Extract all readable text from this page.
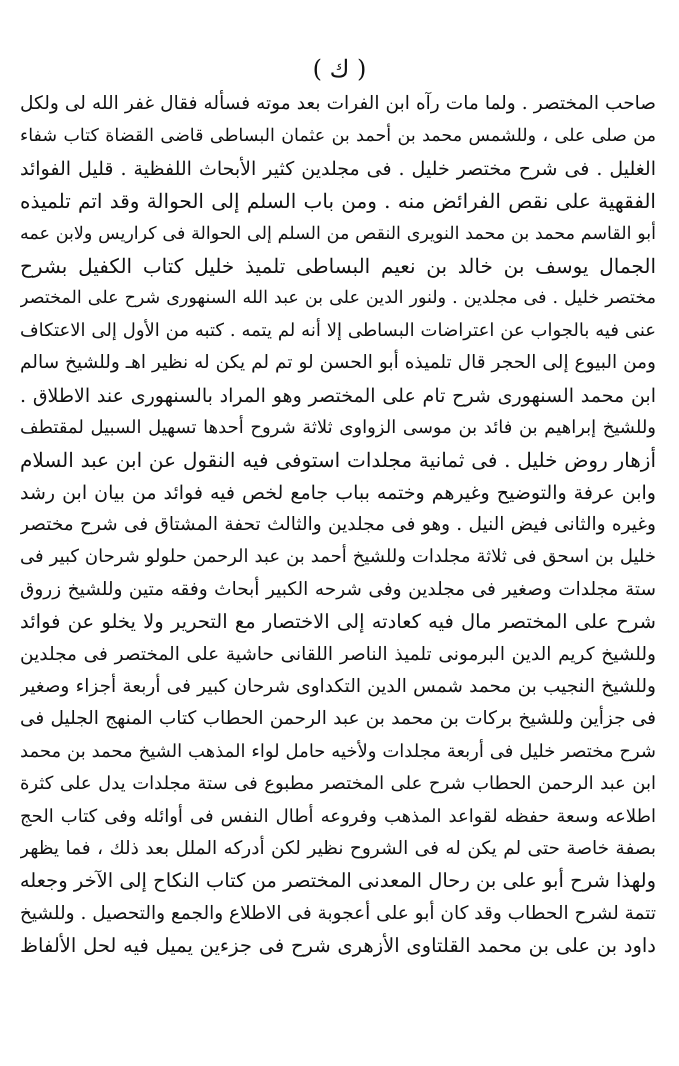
( ك )
صاحب المختصر . ولما مات رآه ابن الفرات بعد موته فسأله فقال غفر الله لى ولكل
من صلى على ، وللشمس محمد بن أحمد بن عثمان البساطى قاضى القضاة كتاب شفاء
الغليل . فى شرح مختصر خليل . فى مجلدين كثير الأبحاث اللفظية . قليل الفوائد
الفقهية على نقص الفرائض منه . ومن باب السلم إلى الحوالة وقد اتم تلميذه
أبو القاسم محمد بن محمد النويرى النقص من السلم إلى الحوالة فى كراريس ولابن عمه
الجمال يوسف بن خالد بن نعيم البساطى تلميذ خليل كتاب الكفيل بشرح
مختصر خليل . فى مجلدين . ولنور الدين على بن عبد الله السنهورى شرح على المختصر
عنى فيه بالجواب عن اعتراضات البساطى إلا أنه لم يتمه . كتبه من الأول إلى الاعتكاف
ومن البيوع إلى الحجر قال تلميذه أبو الحسن لو تم لم يكن له نظير اهـ وللشيخ سالم
ابن محمد السنهورى شرح تام على المختصر وهو المراد بالسنهورى عند الاطلاق .
وللشيخ إبراهيم بن فائد بن موسى الزواوى ثلاثة شروح أحدها تسهيل السبيل لمقتطف
أزهار روض خليل . فى ثمانية مجلدات استوفى فيه النقول عن ابن عبد السلام
وابن عرفة والتوضيح وغيرهم وختمه بباب جامع لخص فيه فوائد من بيان ابن رشد
وغيره والثانى فيض النيل . وهو فى مجلدين والثالث تحفة المشتاق فى شرح مختصر
خليل بن اسحق فى ثلاثة مجلدات وللشيخ أحمد بن عبد الرحمن حلولو شرحان كبير فى
ستة مجلدات وصغير فى مجلدين وفى شرحه الكبير أبحاث وفقه متين وللشيخ زروق
شرح على المختصر مال فيه كعادته إلى الاختصار مع التحرير ولا يخلو عن فوائد
وللشيخ كريم الدين البرمونى تلميذ الناصر اللقانى حاشية على المختصر فى مجلدين
وللشيخ النجيب بن محمد شمس الدين التكداوى شرحان كبير فى أربعة أجزاء وصغير
فى جزأين وللشيخ بركات بن محمد بن عبد الرحمن الحطاب كتاب المنهج الجليل فى
شرح مختصر خليل فى أربعة مجلدات ولأخيه حامل لواء المذهب الشيخ محمد بن محمد
ابن عبد الرحمن الحطاب شرح على المختصر مطبوع فى ستة مجلدات يدل على كثرة
اطلاعه وسعة حفظه لقواعد المذهب وفروعه أطال النفس فى أوائله وفى كتاب الحج
بصفة خاصة حتى لم يكن له فى الشروح نظير لكن أدركه الملل بعد ذلك ، فما يظهر
ولهذا شرح أبو على بن رحال المعدنى المختصر من كتاب النكاح إلى الآخر وجعله
تتمة لشرح الحطاب وقد كان أبو على أعجوبة فى الاطلاع والجمع والتحصيل . وللشيخ
داود بن على بن محمد القلتاوى الأزهرى شرح فى جزءين يميل فيه لحل الألفاظ
